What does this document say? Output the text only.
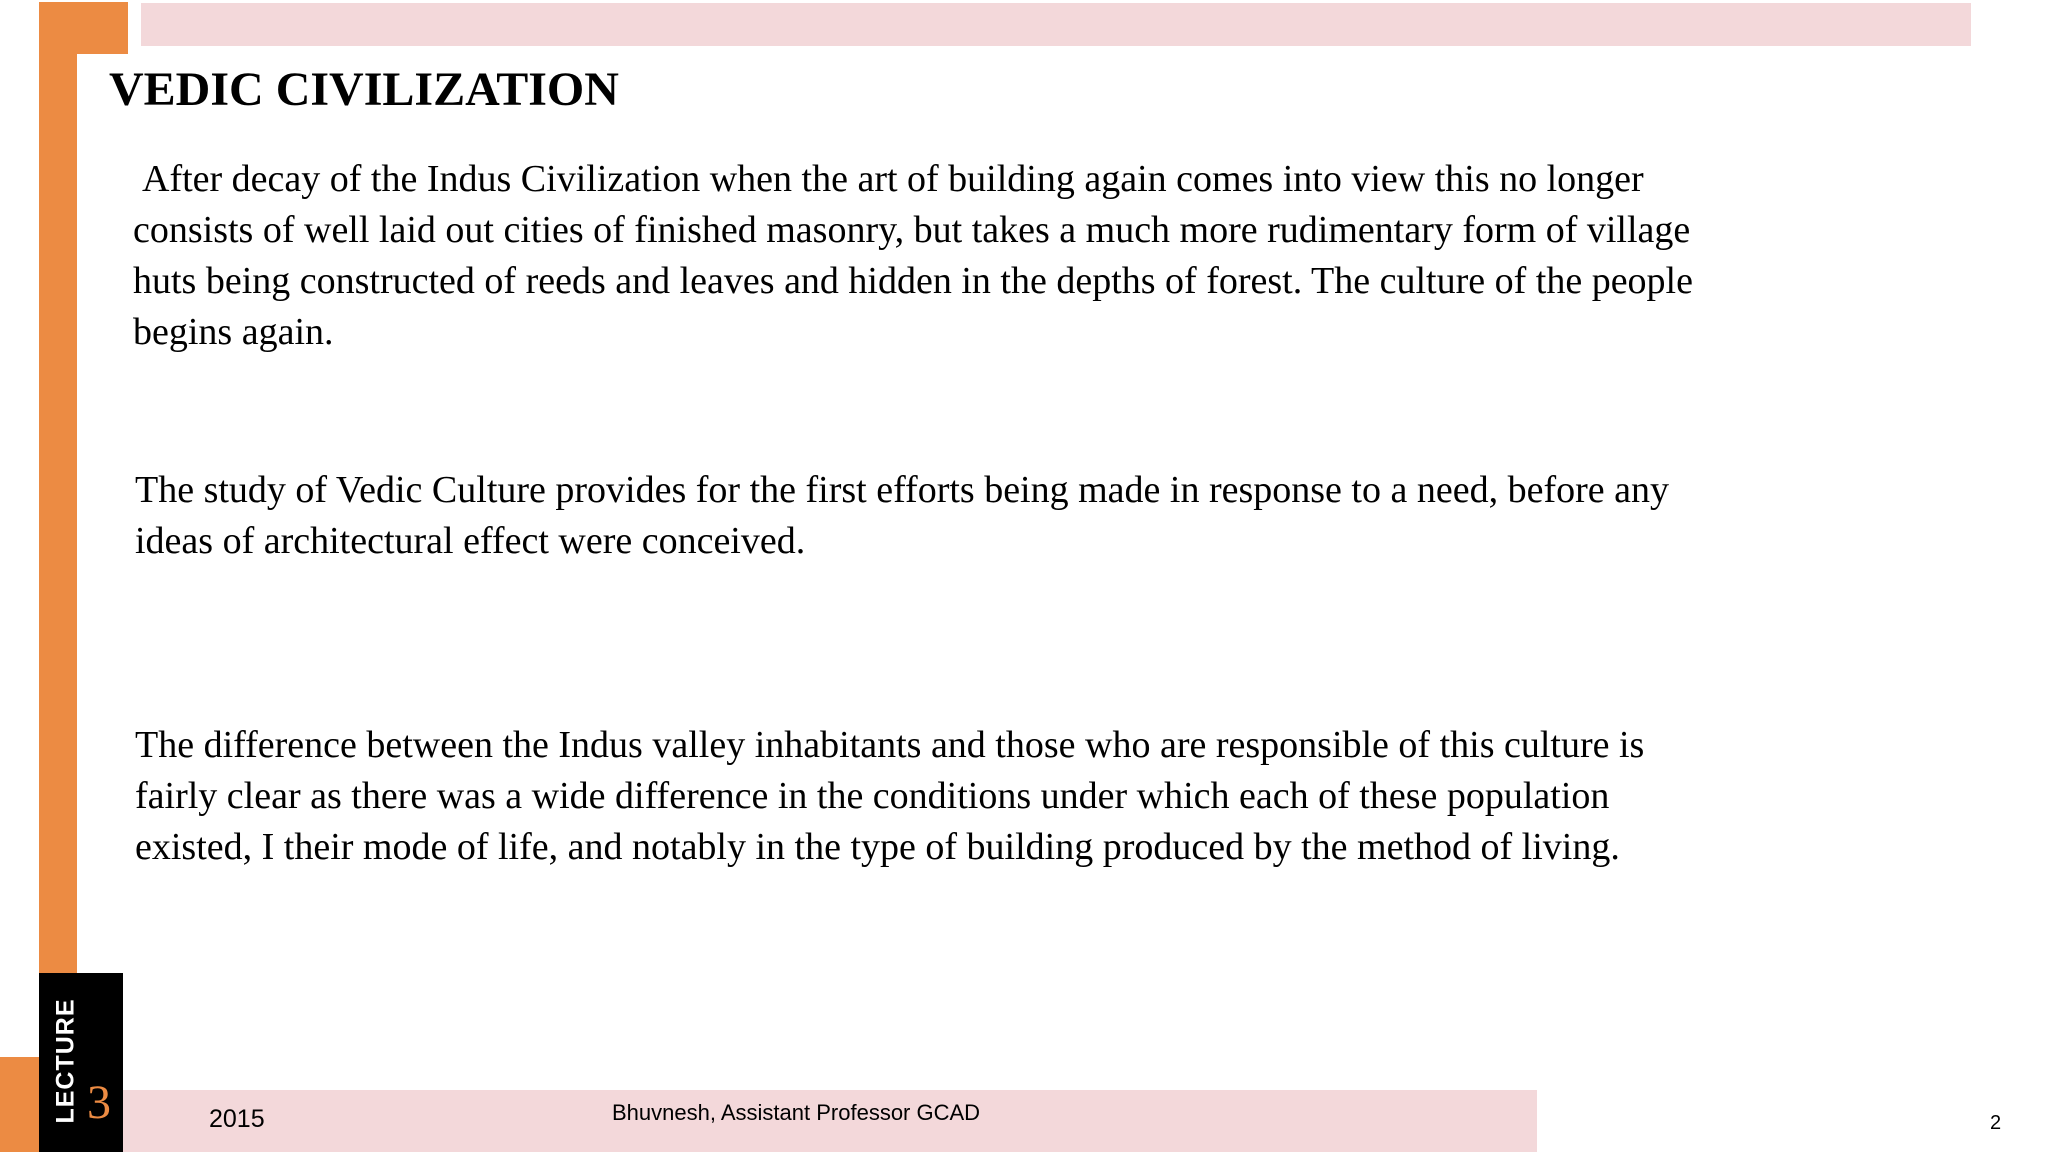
VEDIC CIVILIZATION

After decay of the Indus Civilization when the art of building again comes into view this no longer
consists of well laid out cities of finished masonry, but takes a much more rudimentary form of village
huts being constructed of reeds and leaves and hidden in the depths of forest. The culture of the people
begins again.

The study of Vedic Culture provides for the first efforts being made in response to a need, before any
ideas of architectural effect were conceived.

The difference between the Indus valley inhabitants and those who are responsible of this culture is
fairly clear as there was a wide difference in the conditions under which each of these population
existed, I their mode of life, and notably in the type of building produced by the method of living.

LECTURE 3	2015	Bhuvnesh, Assistant Professor GCAD	2
